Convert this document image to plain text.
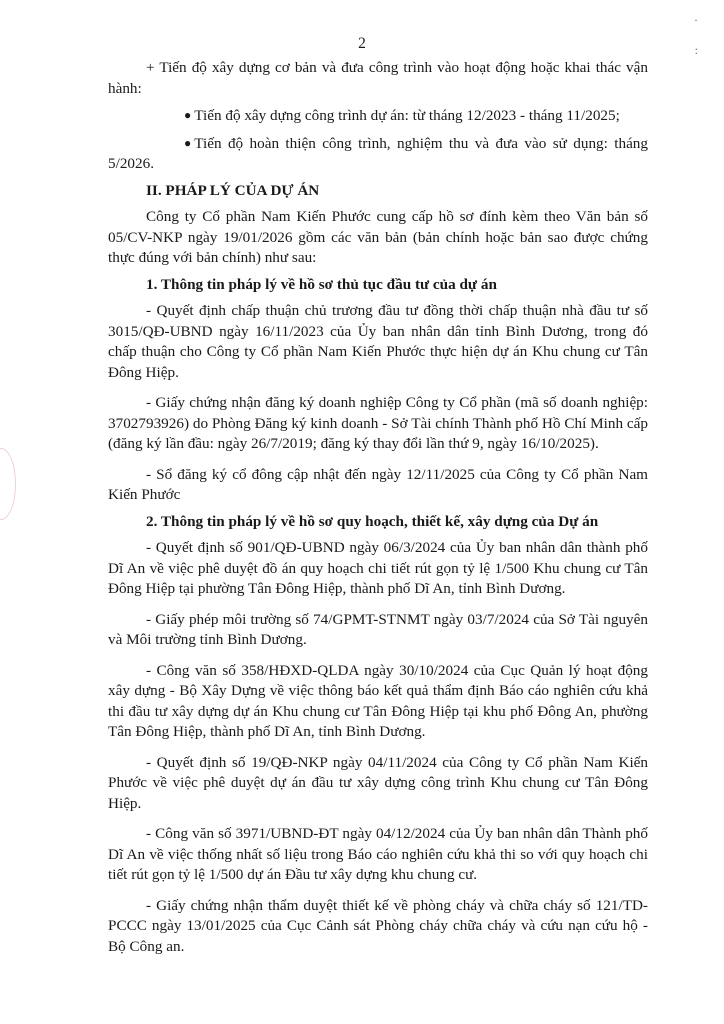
·
:
2

+ Tiến độ xây dựng cơ bản và đưa công trình vào hoạt động hoặc khai thác vận hành:

● Tiến độ xây dựng công trình dự án: từ tháng 12/2023 - tháng 11/2025;

● Tiến độ hoàn thiện công trình, nghiệm thu và đưa vào sử dụng: tháng 5/2026.

II. PHÁP LÝ CỦA DỰ ÁN

Công ty Cổ phần Nam Kiến Phước cung cấp hồ sơ đính kèm theo Văn bản số 05/CV-NKP ngày 19/01/2026 gồm các văn bản (bản chính hoặc bản sao được chứng thực đúng với bản chính) như sau:

1. Thông tin pháp lý về hồ sơ thủ tục đầu tư của dự án

- Quyết định chấp thuận chủ trương đầu tư đồng thời chấp thuận nhà đầu tư số 3015/QĐ-UBND ngày 16/11/2023 của Ủy ban nhân dân tỉnh Bình Dương, trong đó chấp thuận cho Công ty Cổ phần Nam Kiến Phước thực hiện dự án Khu chung cư Tân Đông Hiệp.

- Giấy chứng nhận đăng ký doanh nghiệp Công ty Cổ phần (mã số doanh nghiệp: 3702793926) do Phòng Đăng ký kinh doanh - Sở Tài chính Thành phố Hồ Chí Minh cấp (đăng ký lần đầu: ngày 26/7/2019; đăng ký thay đổi lần thứ 9, ngày 16/10/2025).

- Sổ đăng ký cổ đông cập nhật đến ngày 12/11/2025 của Công ty Cổ phần Nam Kiến Phước

2. Thông tin pháp lý về hồ sơ quy hoạch, thiết kế, xây dựng của Dự án

- Quyết định số 901/QĐ-UBND ngày 06/3/2024 của Ủy ban nhân dân thành phố Dĩ An về việc phê duyệt đồ án quy hoạch chi tiết rút gọn tỷ lệ 1/500 Khu chung cư Tân Đông Hiệp tại phường Tân Đông Hiệp, thành phố Dĩ An, tỉnh Bình Dương.

- Giấy phép môi trường số 74/GPMT-STNMT ngày 03/7/2024 của Sở Tài nguyên và Môi trường tỉnh Bình Dương.

- Công văn số 358/HĐXD-QLDA ngày 30/10/2024 của Cục Quản lý hoạt động xây dựng - Bộ Xây Dựng về việc thông báo kết quả thẩm định Báo cáo nghiên cứu khả thi đầu tư xây dựng dự án Khu chung cư Tân Đông Hiệp tại khu phố Đông An, phường Tân Đông Hiệp, thành phố Dĩ An, tỉnh Bình Dương.

- Quyết định số 19/QĐ-NKP ngày 04/11/2024 của Công ty Cổ phần Nam Kiến Phước về việc phê duyệt dự án đầu tư xây dựng công trình Khu chung cư Tân Đông Hiệp.

- Công văn số 3971/UBND-ĐT ngày 04/12/2024 của Ủy ban nhân dân Thành phố Dĩ An về việc thống nhất số liệu trong Báo cáo nghiên cứu khả thi so với quy hoạch chi tiết rút gọn tỷ lệ 1/500 dự án Đầu tư xây dựng khu chung cư.

- Giấy chứng nhận thẩm duyệt thiết kế về phòng cháy và chữa cháy số 121/TD-PCCC ngày 13/01/2025 của Cục Cảnh sát Phòng cháy chữa cháy và cứu nạn cứu hộ - Bộ Công an.
